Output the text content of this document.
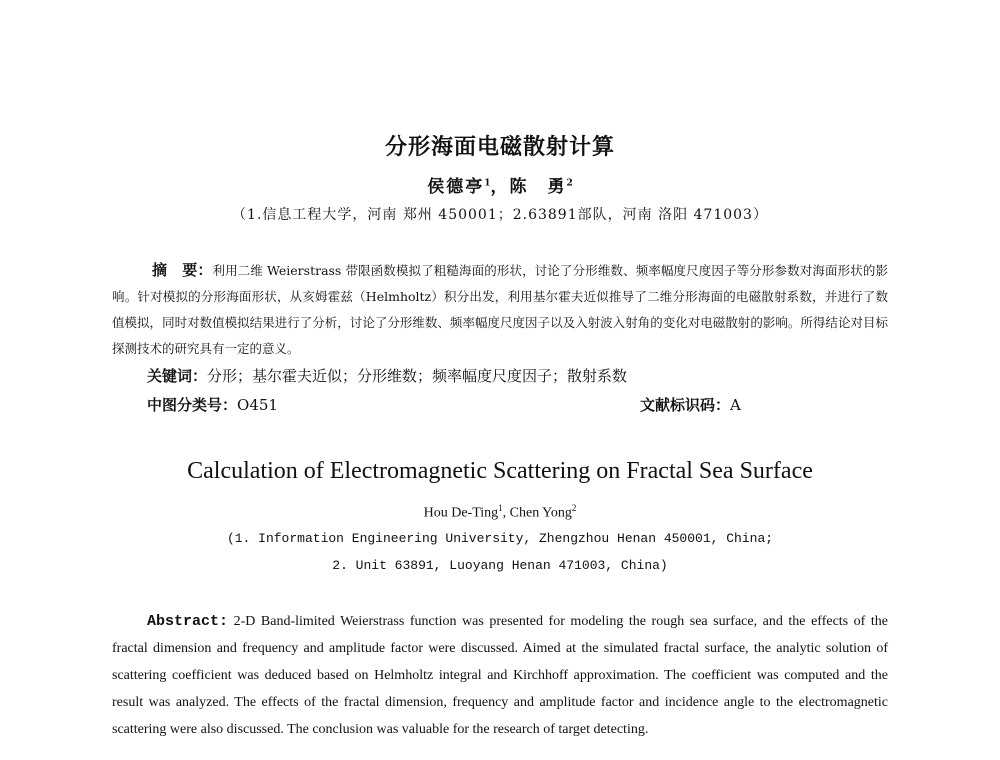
分形海面电磁散射计算
侯德亭$^1$，陈　勇$^2$
（1.信息工程大学，河南 郑州 450001；2.63891部队，河南 洛阳 471003）
摘　要：利用二维 Weierstrass 带限函数模拟了粗糙海面的形状，讨论了分形维数、频率幅度尺度因子等分形参数对海面形状的影响。针对模拟的分形海面形状，从亥姆霍兹（Helmholtz）积分出发，利用基尔霍夫近似推导了二维分形海面的电磁散射系数，并进行了数值模拟，同时对数值模拟结果进行了分析，讨论了分形维数、频率幅度尺度因子以及入射波入射角的变化对电磁散射的影响。所得结论对目标探测技术的研究具有一定的意义。
关键词：分形；基尔霍夫近似；分形维数；频率幅度尺度因子；散射系数
中图分类号：O451	文献标识码：A
Calculation of Electromagnetic Scattering on Fractal Sea Surface
Hou De-Ting$^1$, Chen Yong$^2$
(1. Information Engineering University, Zhengzhou Henan 450001, China;
2. Unit 63891, Luoyang Henan 471003, China)
Abstract: 2-D Band-limited Weierstrass function was presented for modeling the rough sea surface, and the effects of the fractal dimension and frequency and amplitude factor were discussed. Aimed at the simulated fractal surface, the analytic solution of scattering coefficient was deduced based on Helmholtz integral and Kirchhoff approximation. The coefficient was computed and the result was analyzed. The effects of the fractal dimension, frequency and amplitude factor and incidence angle to the electromagnetic scattering were also discussed. The conclusion was valuable for the research of target detecting.
